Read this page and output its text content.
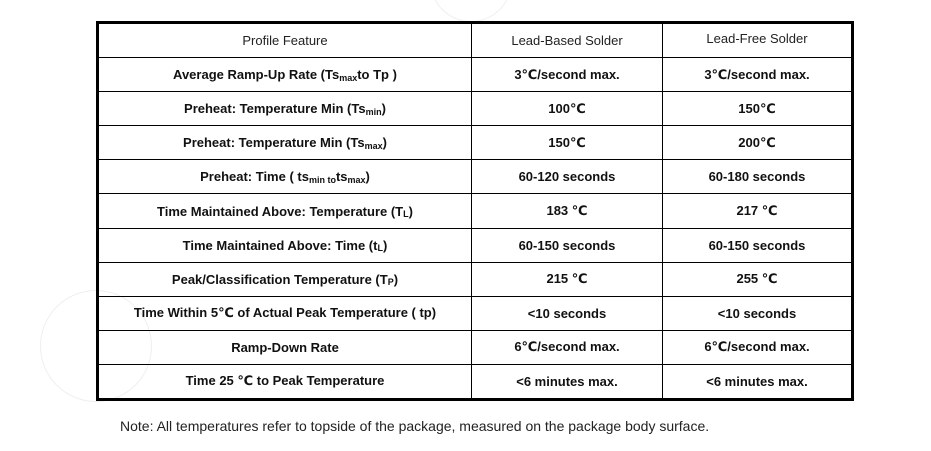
Profile Feature	Lead-Based Solder	Lead-Free Solder
Average Ramp-Up Rate (Ts $_{max}$ to Tp )	3℃/second max.	3℃/second max.
Preheat: Temperature Min (Ts $_{min}$ )	100℃	150℃
Preheat: Temperature Min (Ts $_{max}$ )	150℃	200℃
Preheat: Time ( ts $_{min to}$ ts $_{max}$ )	60-120 seconds	60-180 seconds
Time Maintained Above: Temperature ($T_L$ )	183 ℃	217 ℃
Time Maintained Above: Time (t $_L$ )	60-150 seconds	60-150 seconds
Peak/Classification Temperature (T $_P$ )	215 ℃	255 ℃
Time Within 5℃ of Actual Peak Temperature ( tp)	<10 seconds	<10 seconds
Ramp-Down Rate	6℃/second max.	6℃/second max.
Time 25 ℃ to Peak Temperature	<6 minutes max.	<6 minutes max.
Note: All temperatures refer to topside of the package, measured on the package body surface.
